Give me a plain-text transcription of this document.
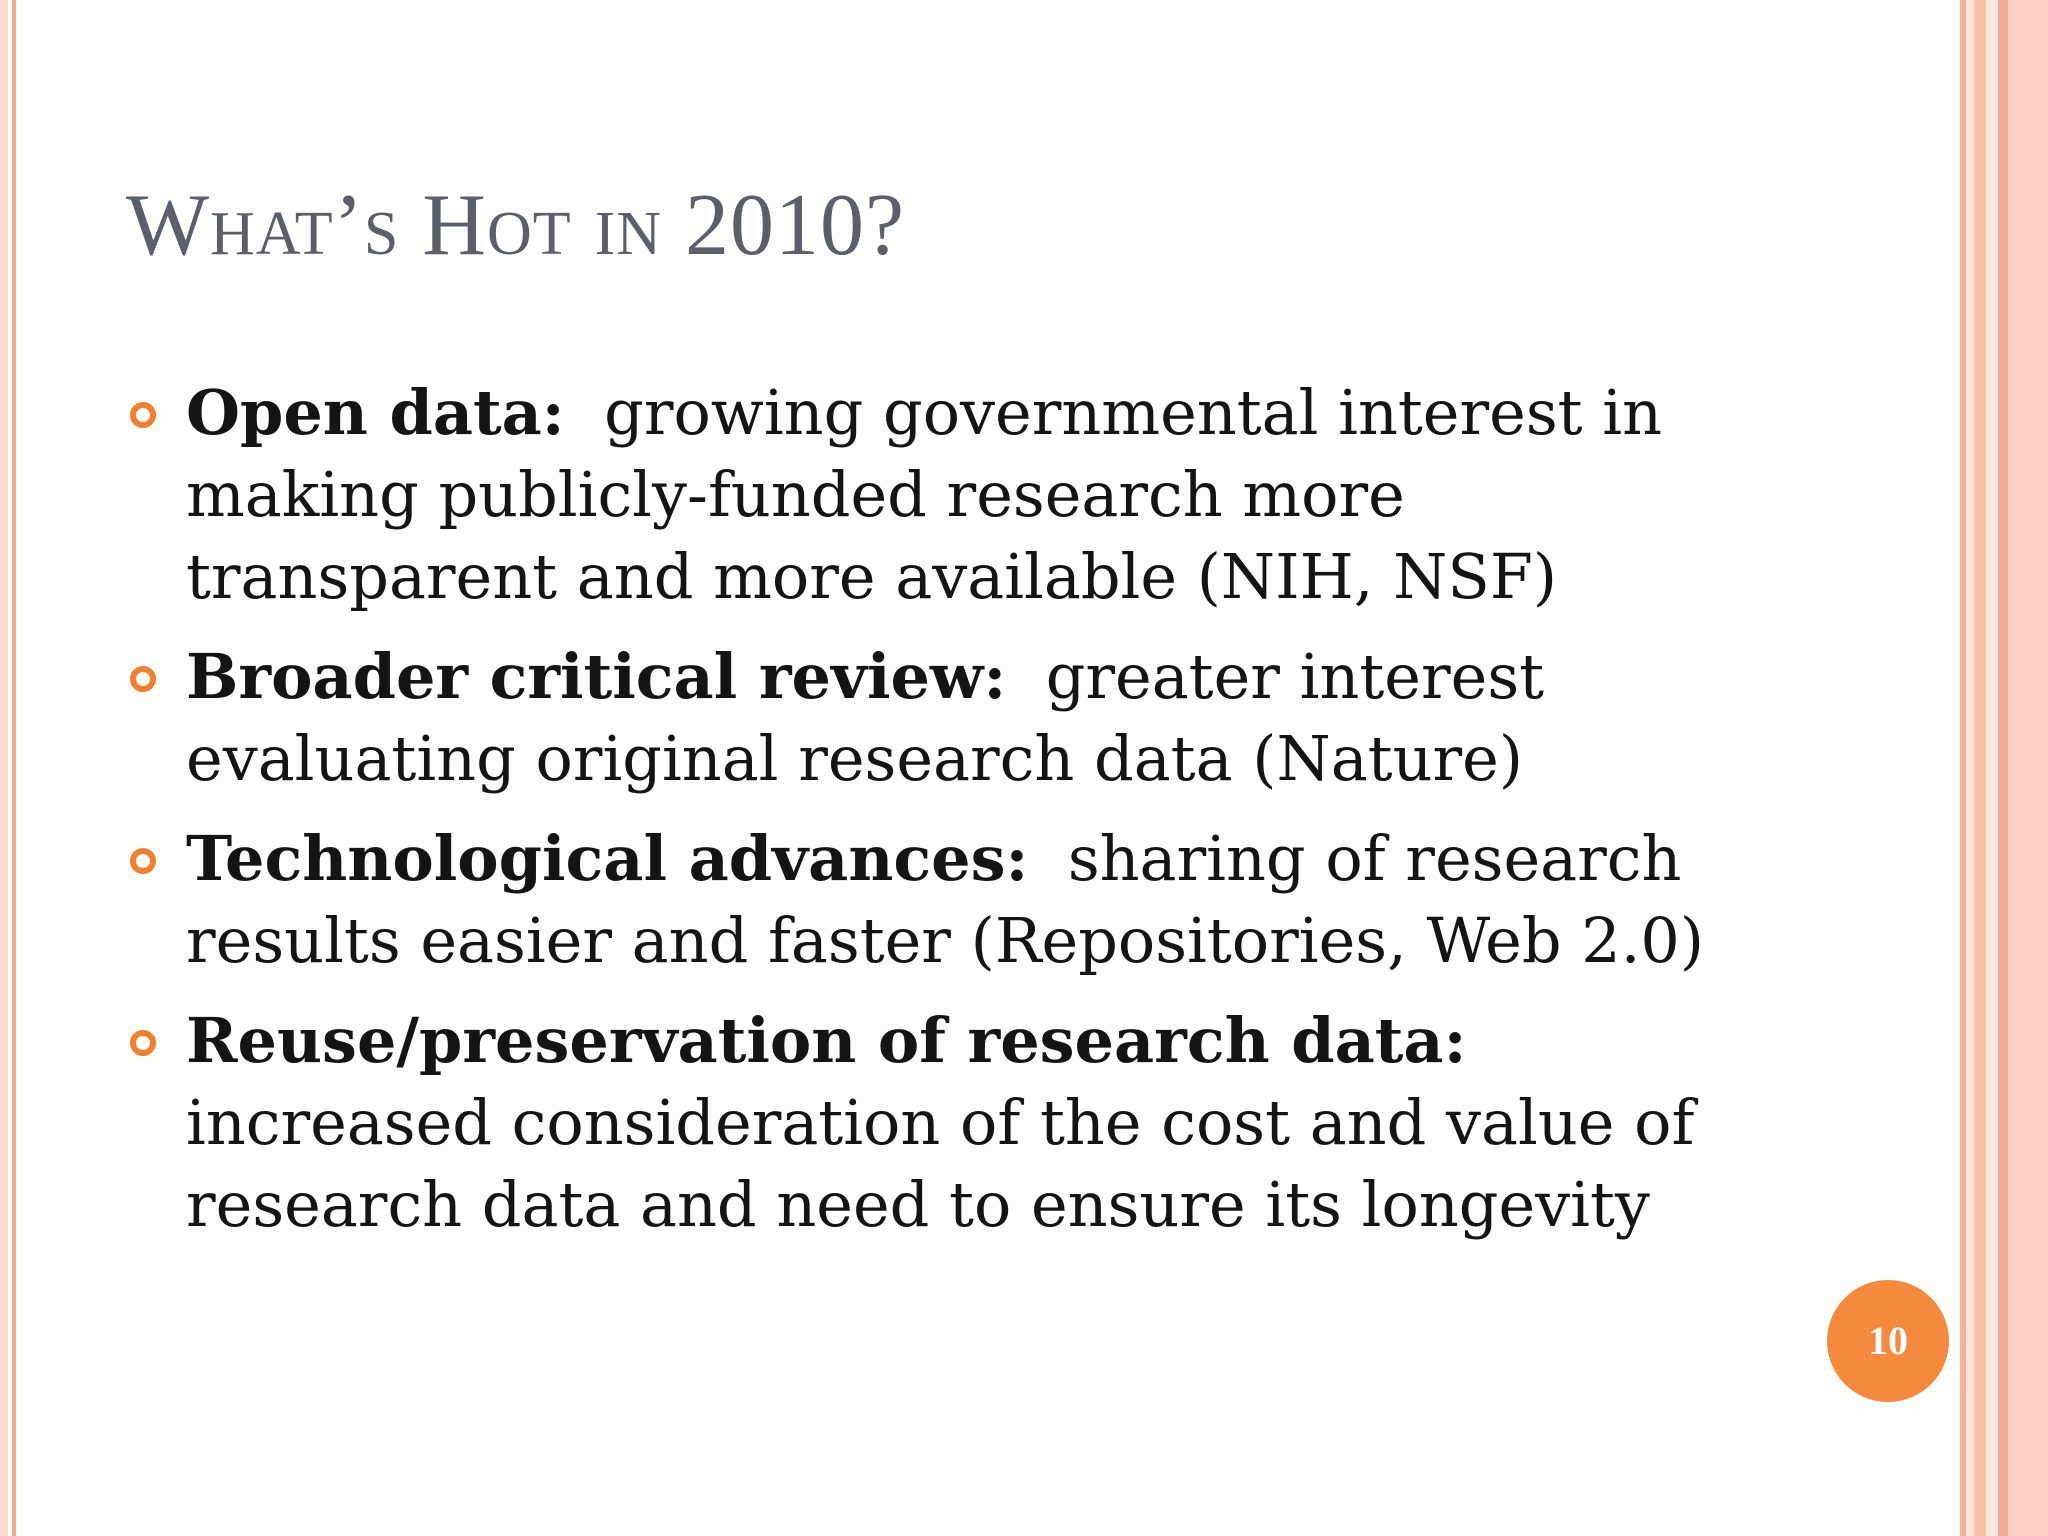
What’s Hot in 2010?
Open data: growing governmental interest in making publicly-funded research more transparent and more available (NIH, NSF)
Broader critical review: greater interest evaluating original research data (Nature)
Technological advances: sharing of research results easier and faster (Repositories, Web 2.0)
Reuse/preservation of research data:
increased consideration of the cost and value of research data and need to ensure its longevity
10
